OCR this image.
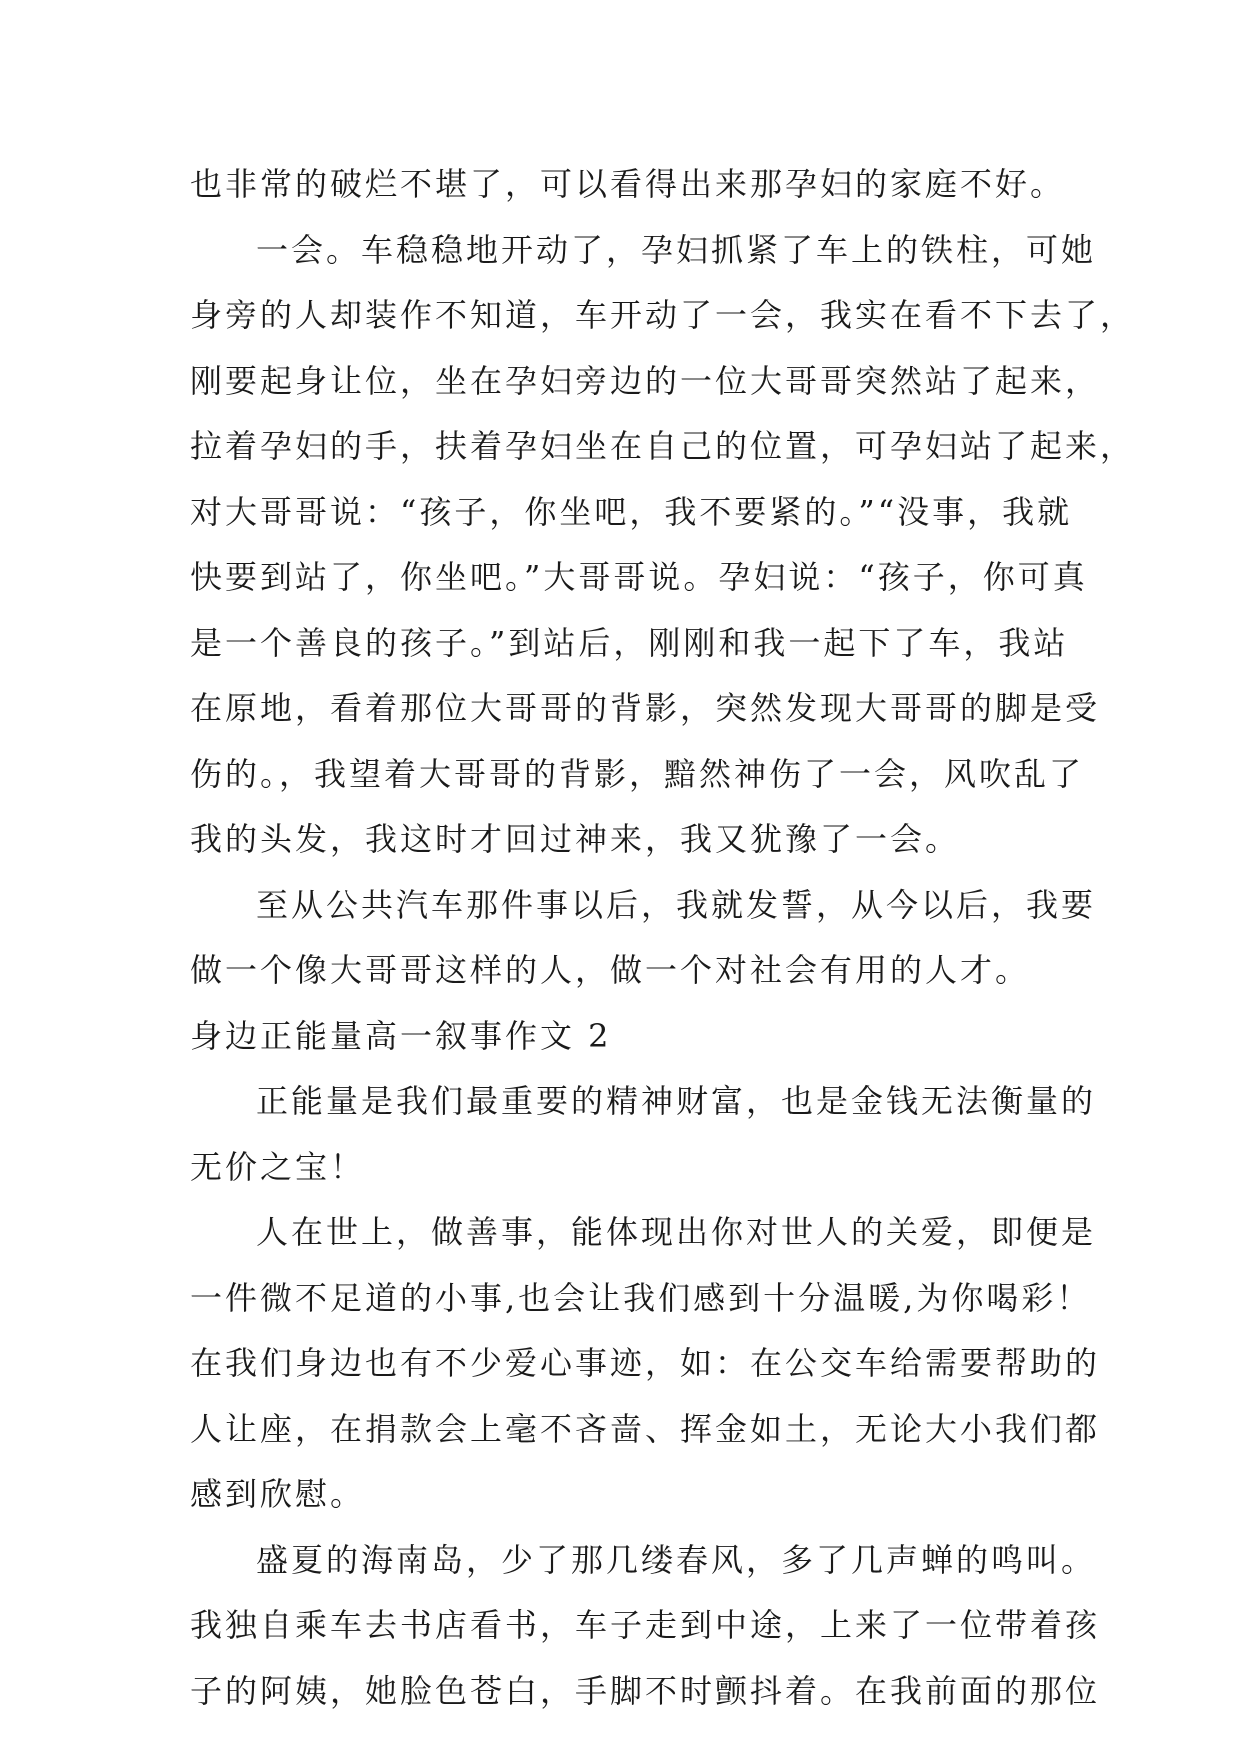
也非常的破烂不堪了，可以看得出来那孕妇的家庭不好。
一会。车稳稳地开动了，孕妇抓紧了车上的铁柱，可她
身旁的人却装作不知道，车开动了一会，我实在看不下去了，
刚要起身让位，坐在孕妇旁边的一位大哥哥突然站了起来，
拉着孕妇的手，扶着孕妇坐在自己的位置，可孕妇站了起来，
对大哥哥说：“孩子，你坐吧，我不要紧的。”“没事，我就
快要到站了，你坐吧。”大哥哥说。孕妇说：“孩子，你可真
是一个善良的孩子。”到站后，刚刚和我一起下了车，我站
在原地，看着那位大哥哥的背影，突然发现大哥哥的脚是受
伤的。，我望着大哥哥的背影，黯然神伤了一会，风吹乱了
我的头发，我这时才回过神来，我又犹豫了一会。
至从公共汽车那件事以后，我就发誓，从今以后，我要
做一个像大哥哥这样的人，做一个对社会有用的人才。
身边正能量高一叙事作文 2
正能量是我们最重要的精神财富，也是金钱无法衡量的
无价之宝！
人在世上，做善事，能体现出你对世人的关爱，即便是
一件微不足道的小事,也会让我们感到十分温暖,为你喝彩！
在我们身边也有不少爱心事迹，如：在公交车给需要帮助的
人让座，在捐款会上毫不吝啬、挥金如土，无论大小我们都
感到欣慰。
盛夏的海南岛，少了那几缕春风，多了几声蝉的鸣叫。
我独自乘车去书店看书，车子走到中途，上来了一位带着孩
子的阿姨，她脸色苍白，手脚不时颤抖着。在我前面的那位
